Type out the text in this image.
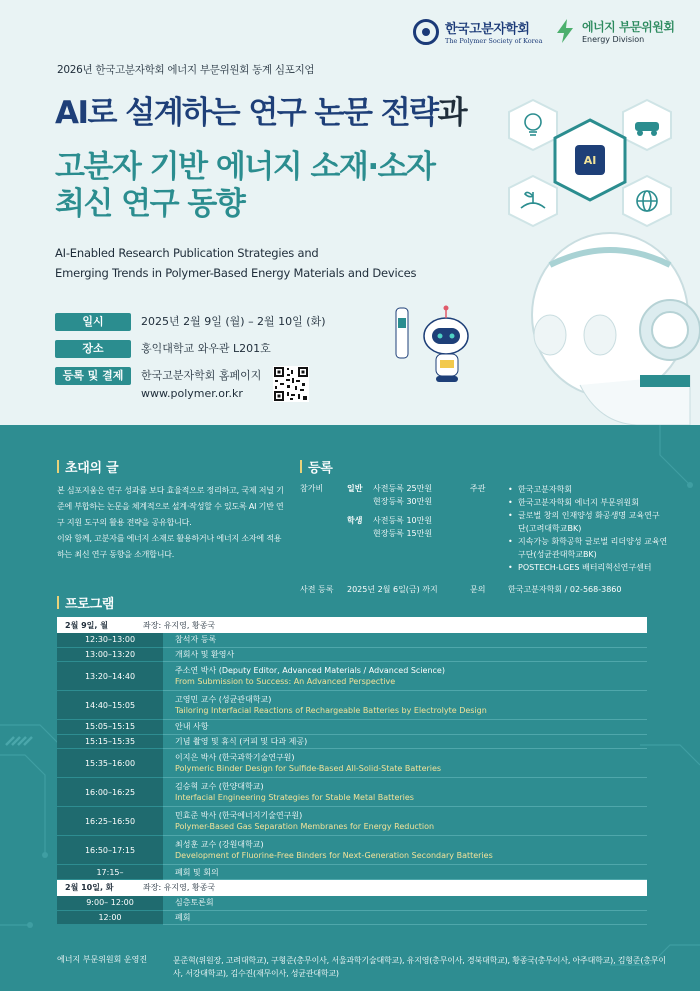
한국고분자학회
The Polymer Society of Korea
에너지 부문위원회
Energy Division
2026년 한국고분자학회 에너지 부문위원회 동계 심포지엄
AI로 설계하는 연구 논문 전략과
고분자 기반 에너지 소재·소자
최신 연구 동향
AI-Enabled Research Publication Strategies and
Emerging Trends in Polymer-Based Energy Materials and Devices
AI
일시	2025년 2월 9일 (월) – 2월 10일 (화)
장소	홍익대학교 와우관 L201호
등록 및 결제	한국고분자학회 홈페이지
www.polymer.or.kr
초대의 글

본 심포지움은 연구 성과를 보다 효율적으로 정리하고, 국제 저널 기준에 부합하는 논문을 체계적으로 설계·작성할 수 있도록 AI 기반 연구 지원 도구의 활용 전략을 공유합니다.

이와 함께, 고분자를 에너지 소재로 활용하거나 에너지 소자에 적용하는 최신 연구 동향을 소개합니다.

등록
참가비	일반 사전등록 25만원
현장등록 30만원
학생 사전등록 10만원
현장등록 15만원
주관
•	한국고분자학회
• 한국고분자학회 에너지 부문위원회
• 글로벌 창의 인재양성 화공생명 교육연구단(고려대학교BK)
• 지속가능 화학공학 글로벌 리더양성 교육연구단(성균관대학교BK)
• POSTECH-LGES 배터리혁신연구센터
사전 등록 2025년 2월 6일(금) 까지	문의	한국고분자학회 / 02-568-3860
프로그램
2월 9일, 월	좌장: 유지영, 황종국
12:30–13:00	참석자 등록
13:00–13:20	개회사 및 환영사
13:20–14:40
주소연 박사 (Deputy Editor, Advanced Materials / Advanced Science)
From Submission to Success: An Advanced Perspective
14:40–15:05
고영민 교수 (성균관대학교)
Tailoring Interfacial Reactions of Rechargeable Batteries by Electrolyte Design
15:05–15:15	안내 사항
15:15–15:35	기념 촬영 및 휴식 (커피 및 다과 제공)
15:35–16:00
이지은 박사 (한국과학기술연구원)
Polymeric Binder Design for Sulfide-Based All-Solid-State Batteries
16:00–16:25
김승혁 교수 (한양대학교)
Interfacial Engineering Strategies for Stable Metal Batteries
16:25–16:50
민효준 박사 (한국에너지기술연구원)
Polymer-Based Gas Separation Membranes for Energy Reduction
16:50–17:15
최성훈 교수 (강원대학교)
Development of Fluorine-Free Binders for Next-Generation Secondary Batteries
17:15–	폐회 및 회의
2월 10일, 화	좌장: 유지영, 황종국
9:00– 12:00	심층토론회
12:00	폐회
에너지 부문위원회 운영진	문준혁(위원장, 고려대학교), 구형준(총무이사, 서울과학기술대학교), 유지영(총무이사, 경북대학교), 황종국(총무이사, 아주대학교), 김형준(총무이사, 서강대학교), 김수진(재무이사, 성균관대학교)
